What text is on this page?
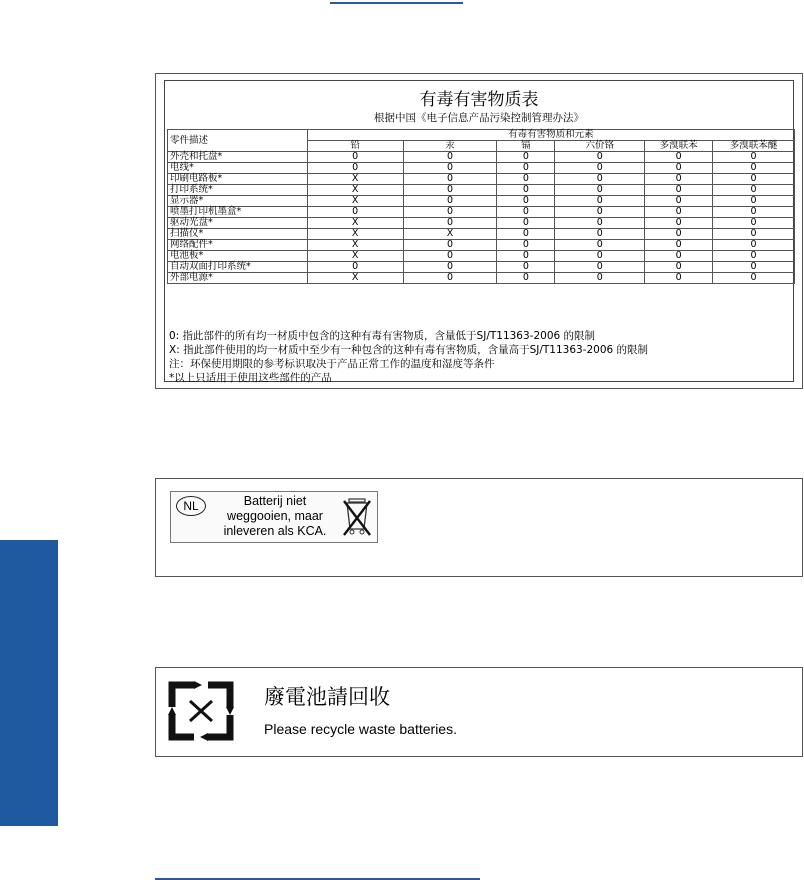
有毒有害物质表
根据中国《电子信息产品污染控制管理办法》
零件描述	有毒有害物质和元素					
	铅	汞	镉	六价铬	多溴联苯	多溴联苯醚
外壳和托盘*	0	0	0	0	0	0
电线*	0	0	0	0	0	0
印刷电路板*	X	0	0	0	0	0
打印系统*	X	0	0	0	0	0
显示器*	X	0	0	0	0	0
喷墨打印机墨盒*	0	0	0	0	0	0
驱动光盘*	X	0	0	0	0	0
扫描仪*	X	X	0	0	0	0
网络配件*	X	0	0	0	0	0
电池板*	X	0	0	0	0	0
自动双面打印系统*	0	0	0	0	0	0
外部电源*	X	0	0	0	0	0
0: 指此部件的所有均一材质中包含的这种有毒有害物质，含量低于SJ/T11363-2006 的限制
X: 指此部件使用的均一材质中至少有一种包含的这种有毒有害物质，含量高于SJ/T11363-2006 的限制
注：环保使用期限的参考标识取决于产品正常工作的温度和湿度等条件
*以上只适用于使用这些部件的产品
NL	Batterij niet
weggooien, maar
inleveren als KCA.
廢電池請回收
Please recycle waste batteries.
